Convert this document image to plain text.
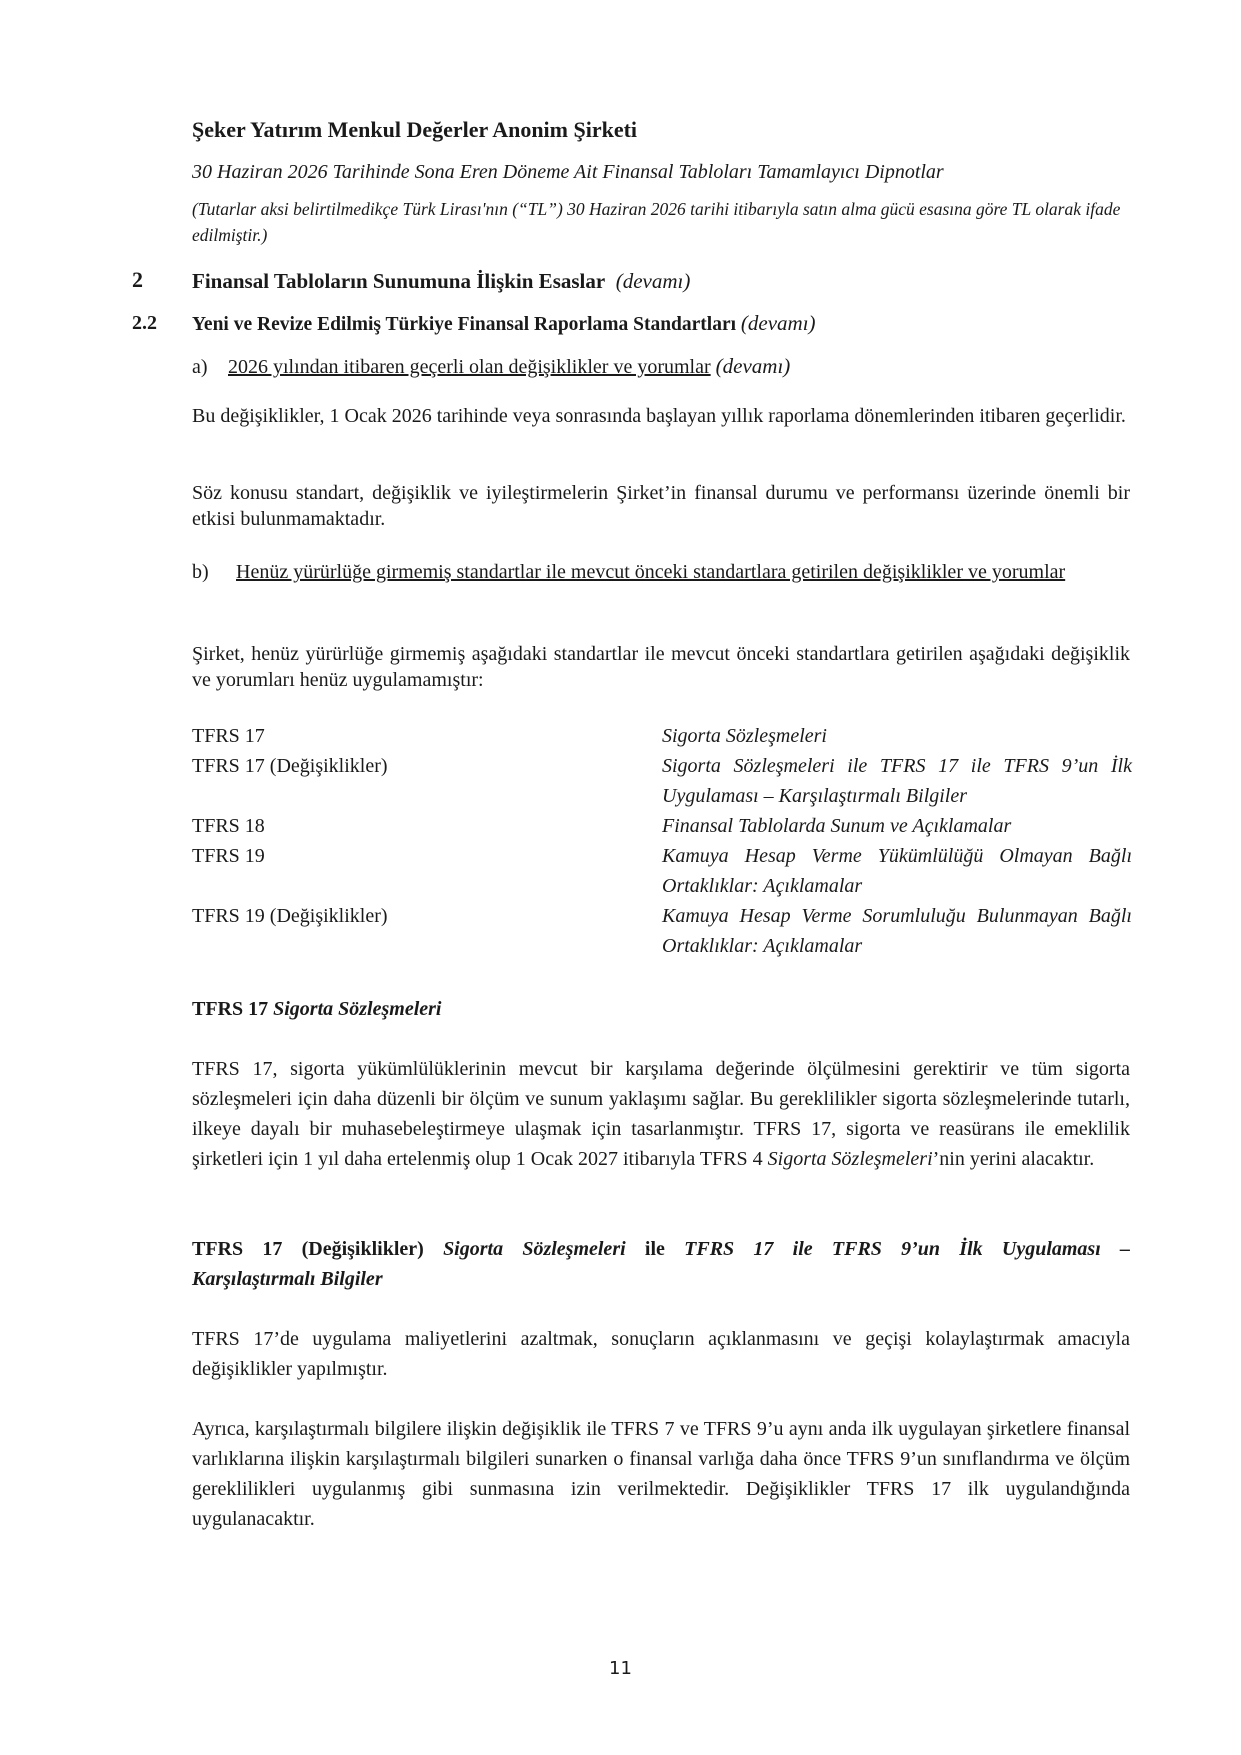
Şeker Yatırım Menkul Değerler Anonim Şirketi
30 Haziran 2026 Tarihinde Sona Eren Döneme Ait Finansal Tabloları Tamamlayıcı Dipnotlar
(Tutarlar aksi belirtilmedikçe Türk Lirası'nın (“TL”) 30 Haziran 2026 tarihi itibarıyla satın alma gücü esasına göre TL olarak ifade edilmiştir.)
2 Finansal Tabloların Sunumuna İlişkin Esaslar (devamı)
2.2 Yeni ve Revize Edilmiş Türkiye Finansal Raporlama Standartları (devamı)
a) 2026 yılından itibaren geçerli olan değişiklikler ve yorumlar (devamı)
Bu değişiklikler, 1 Ocak 2026 tarihinde veya sonrasında başlayan yıllık raporlama dönemlerinden itibaren geçerlidir.
Söz konusu standart, değişiklik ve iyileştirmelerin Şirket’in finansal durumu ve performansı üzerinde önemli bir etkisi bulunmamaktadır.
b) Henüz yürürlüğe girmemiş standartlar ile mevcut önceki standartlara getirilen değişiklikler ve yorumlar
Şirket, henüz yürürlüğe girmemiş aşağıdaki standartlar ile mevcut önceki standartlara getirilen aşağıdaki değişiklik ve yorumları henüz uygulamamıştır:
TFRS 17	Sigorta Sözleşmeleri
TFRS 17 (Değişiklikler)	Sigorta Sözleşmeleri ile TFRS 17 ile TFRS 9’un İlk Uygulaması – Karşılaştırmalı Bilgiler
TFRS 18	Finansal Tablolarda Sunum ve Açıklamalar
TFRS 19	Kamuya Hesap Verme Yükümlülüğü Olmayan Bağlı Ortaklıklar: Açıklamalar
TFRS 19 (Değişiklikler)	Kamuya Hesap Verme Sorumluluğu Bulunmayan Bağlı Ortaklıklar: Açıklamalar
TFRS 17 Sigorta Sözleşmeleri
TFRS 17, sigorta yükümlülüklerinin mevcut bir karşılama değerinde ölçülmesini gerektirir ve tüm sigorta sözleşmeleri için daha düzenli bir ölçüm ve sunum yaklaşımı sağlar. Bu gereklilikler sigorta sözleşmelerinde tutarlı, ilkeye dayalı bir muhasebeleştirmeye ulaşmak için tasarlanmıştır. TFRS 17, sigorta ve reasürans ile emeklilik şirketleri için 1 yıl daha ertelenmiş olup 1 Ocak 2027 itibarıyla TFRS 4 Sigorta Sözleşmeleri’nin yerini alacaktır.
TFRS 17 (Değişiklikler) Sigorta Sözleşmeleri ile TFRS 17 ile TFRS 9’un İlk Uygulaması –
Karşılaştırmalı Bilgiler
TFRS 17’de uygulama maliyetlerini azaltmak, sonuçların açıklanmasını ve geçişi kolaylaştırmak amacıyla değişiklikler yapılmıştır.
Ayrıca, karşılaştırmalı bilgilere ilişkin değişiklik ile TFRS 7 ve TFRS 9’u aynı anda ilk uygulayan şirketlere finansal varlıklarına ilişkin karşılaştırmalı bilgileri sunarken o finansal varlığa daha önce TFRS 9’un sınıflandırma ve ölçüm gereklilikleri uygulanmış gibi sunmasına izin verilmektedir. Değişiklikler TFRS 17 ilk uygulandığında uygulanacaktır.
11
